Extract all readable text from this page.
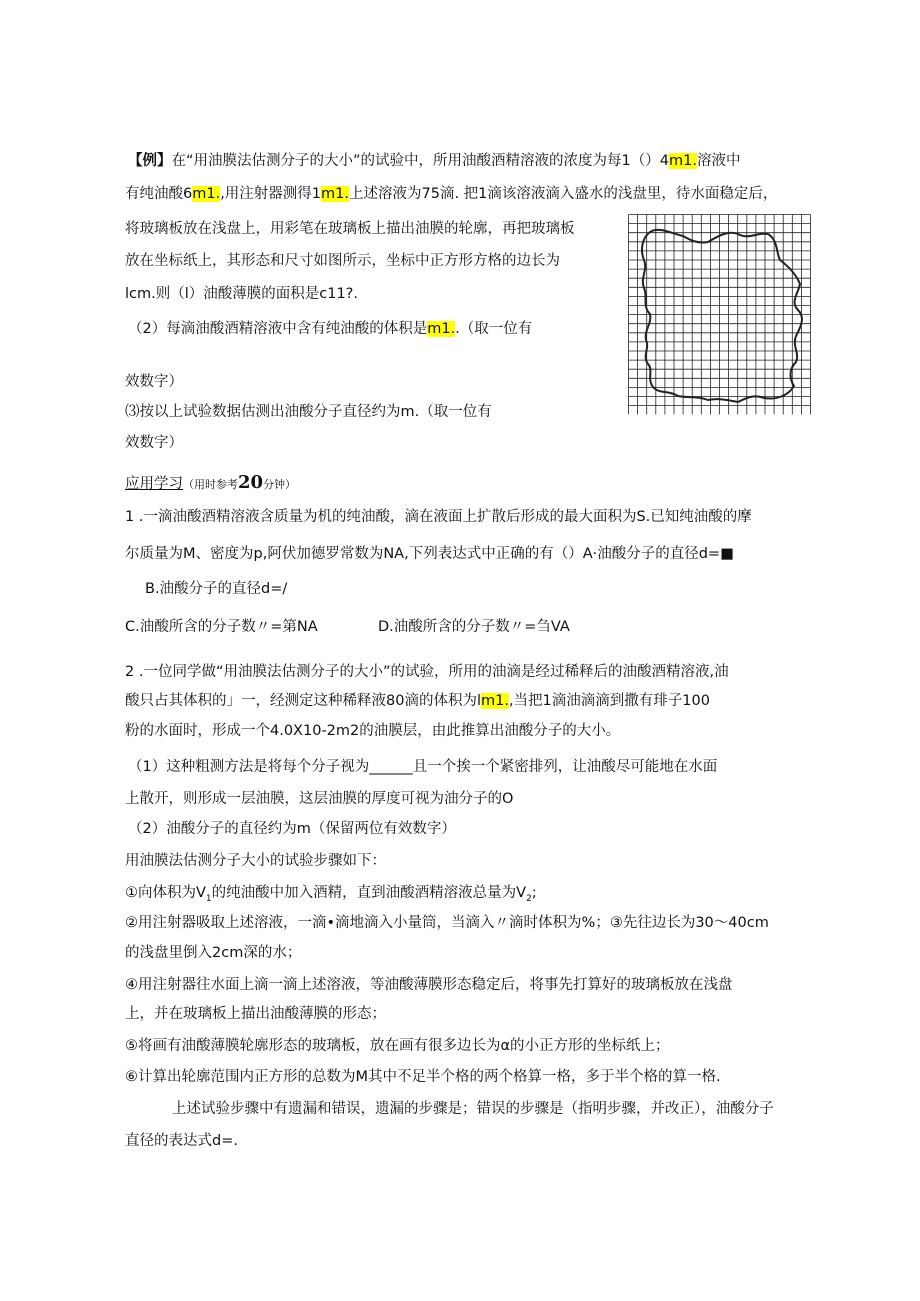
【例】在“用油膜法估测分子的大小”的试验中，所用油酸酒精溶液的浓度为每1（）4m1.溶液中
有纯油酸6m1.,用注射器测得1m1.上述溶液为75滴. 把1滴该溶液滴入盛水的浅盘里，待水面稳定后，
将玻璃板放在浅盘上，用彩笔在玻璃板上描出油膜的轮廓，再把玻璃板
放在坐标纸上，其形态和尺寸如图所示，坐标中正方形方格的边长为
lcm.则（l）油酸薄膜的面积是c11?.
（2）每滴油酸酒精溶液中含有纯油酸的体积是m1..（取一位有
效数字）
⑶按以上试验数据估测出油酸分子直径约为m.（取一位有
效数字）
应用学习（用时参考20分钟）
1 .一滴油酸酒精溶液含质量为机的纯油酸，滴在液面上扩散后形成的最大面积为S.已知纯油酸的摩
尔质量为M、密度为p,阿伏加德罗常数为NA,下列表达式中正确的有（）A·油酸分子的直径d=■
B.油酸分子的直径d=/
C.油酸所含的分子数〃=第NA	D.油酸所含的分子数〃=刍VA
2 .一位同学做“用油膜法估测分子的大小”的试验，所用的油滴是经过稀释后的油酸酒精溶液,油
酸只占其体积的」一，经测定这种稀释液80滴的体积为lm1.,当把1滴油滴滴到撒有琲子100
粉的水面时，形成一个4.0X10-2m2的油膜层，由此推算出油酸分子的大小。
（1）这种粗测方法是将每个分子视为______且一个挨一个紧密排列，让油酸尽可能地在水面
上散开，则形成一层油膜，这层油膜的厚度可视为油分子的O
（2）油酸分子的直径约为m（保留两位有效数字）
用油膜法估测分子大小的试验步骤如下：
①向体积为$V_1$的纯油酸中加入酒精，直到油酸酒精溶液总量为$V_2$;
②用注射器吸取上述溶液，一滴•滴地滴入小量筒，当滴入〃滴时体积为%；③先往边长为30～40cm
的浅盘里倒入2cm深的水；
④用注射器往水面上滴一滴上述溶液，等油酸薄膜形态稳定后，将事先打算好的玻璃板放在浅盘
上，并在玻璃板上描出油酸薄膜的形态；
⑤将画有油酸薄膜轮廓形态的玻璃板，放在画有很多边长为α的小正方形的坐标纸上；
⑥计算出轮廓范围内正方形的总数为M其中不足半个格的两个格算一格，多于半个格的算一格.
上述试验步骤中有遗漏和错误，遗漏的步骤是；错误的步骤是（指明步骤，并改正），油酸分子
直径的表达式d=.
